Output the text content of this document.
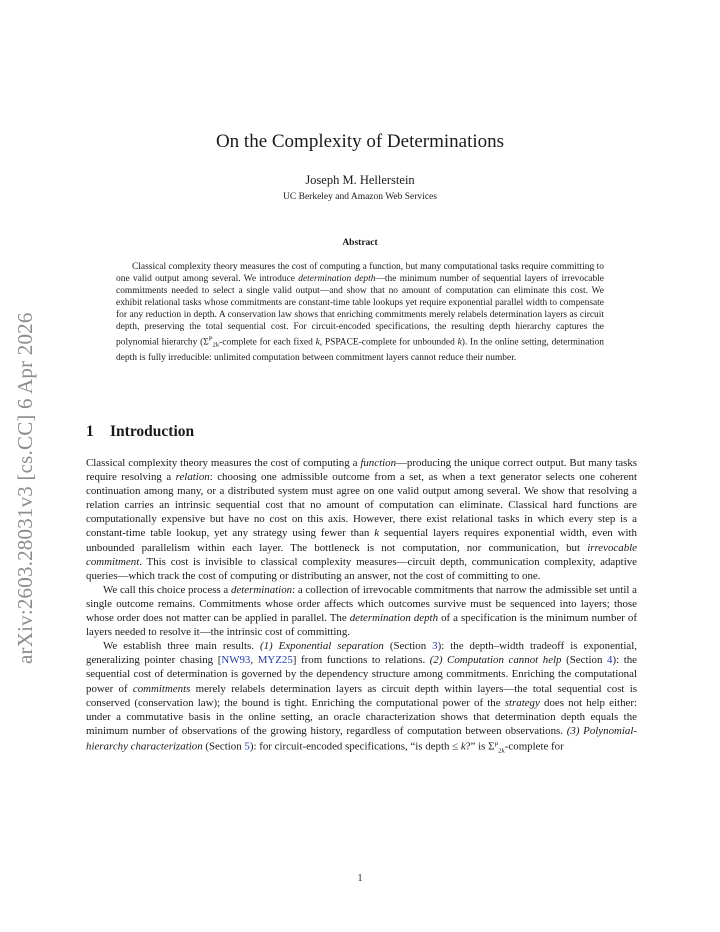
arXiv:2603.28031v3 [cs.CC] 6 Apr 2026
On the Complexity of Determinations
Joseph M. Hellerstein
UC Berkeley and Amazon Web Services
Abstract

Classical complexity theory measures the cost of computing a function, but many computational tasks require committing to one valid output among several. We introduce determination depth—the minimum number of sequential layers of irrevocable commitments needed to select a single valid output—and show that no amount of computation can eliminate this cost. We exhibit relational tasks whose commitments are constant-time table lookups yet require exponential parallel width to compensate for any reduction in depth. A conservation law shows that enriching commitments merely relabels determination layers as circuit depth, preserving the total sequential cost. For circuit-encoded specifications, the resulting depth hierarchy captures the polynomial hierarchy ($\Sigma^P_{2k}$-complete for each fixed k, PSPACE-complete for unbounded k). In the online setting, determination depth is fully irreducible: unlimited computation between commitment layers cannot reduce their number.

1 Introduction

Classical complexity theory measures the cost of computing a function—producing the unique correct output. But many tasks require resolving a relation: choosing one admissible outcome from a set, as when a text generator selects one coherent continuation among many, or a distributed system must agree on one valid output among several. We show that resolving a relation carries an intrinsic sequential cost that no amount of computation can eliminate. Classical hard functions are computationally expensive but have no cost on this axis. However, there exist relational tasks in which every step is a constant-time table lookup, yet any strategy using fewer than k sequential layers requires exponential width, even with unbounded parallelism within each layer. The bottleneck is not computation, nor communication, but irrevocable commitment. This cost is invisible to classical complexity measures—circuit depth, communication complexity, adaptive queries—which track the cost of computing or distributing an answer, not the cost of committing to one.

We call this choice process a determination: a collection of irrevocable commitments that narrow the admissible set until a single outcome remains. Commitments whose order affects which outcomes survive must be sequenced into layers; those whose order does not matter can be applied in parallel. The determination depth of a specification is the minimum number of layers needed to resolve it—the intrinsic cost of committing.

We establish three main results. (1) Exponential separation (Section 3): the depth–width tradeoff is exponential, generalizing pointer chasing [NW93, MYZ25] from functions to relations. (2) Computation cannot help (Section 4): the sequential cost of determination is governed by the dependency structure among commitments. Enriching the computational power of commitments merely relabels determination layers as circuit depth within layers—the total sequential cost is conserved (conservation law); the bound is tight. Enriching the computational power of the strategy does not help either: under a commutative basis in the online setting, an oracle characterization shows that determination depth equals the minimum number of observations of the growing history, regardless of computation between observations. (3) Polynomial-hierarchy characterization (Section 5): for circuit-encoded specifications, “is depth ≤ k?” is $\Sigma^P_{2k}$-complete for

1
